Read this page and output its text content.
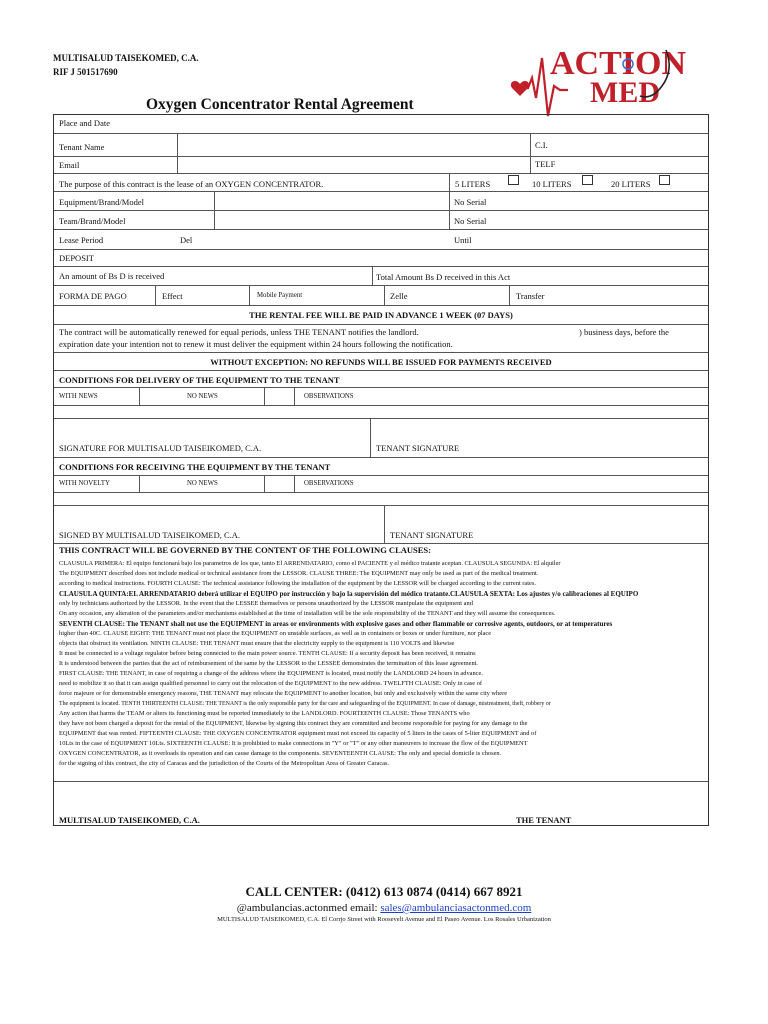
MULTISALUD TAISEKOMED, C.A.
RIF J 501517690
Oxygen Concentrator Rental Agreement
ACTION
MED
Place and Date
Tenant Name	C.I.
Email	TELF
The purpose of this contract is the lease of an OXYGEN CONCENTRATOR.	5 LITERS	10 LITERS	20 LITERS
Equipment/Brand/Model	No Serial
Team/Brand/Model	No Serial
Lease Period	Del	Until
DEPOSIT
An amount of Bs D is received	Total Amount Bs D received in this Act
FORMA DE PAGO	Effect	Mobile Payment	Zelle	Transfer
THE RENTAL FEE WILL BE PAID IN ADVANCE 1 WEEK (07 DAYS)
The contract will be automatically renewed for equal periods, unless THE TENANT notifies the landlord.	) business days, before the
expiration date your intention not to renew it must deliver the equipment within 24 hours following the notification.
WITHOUT EXCEPTION: NO REFUNDS WILL BE ISSUED FOR PAYMENTS RECEIVED
CONDITIONS FOR DELIVERY OF THE EQUIPMENT TO THE TENANT
WITH NEWS	NO NEWS	OBSERVATIONS
SIGNATURE FOR MULTISALUD TAISEIKOMED, C.A.	TENANT SIGNATURE
CONDITIONS FOR RECEIVING THE EQUIPMENT BY THE TENANT
WITH NOVELTY	NO NEWS	OBSERVATIONS
SIGNED BY MULTISALUD TAISEIKOMED, C.A.	TENANT SIGNATURE
THIS CONTRACT WILL BE GOVERNED BY THE CONTENT OF THE FOLLOWING CLAUSES:
CLAUSULA PRIMERA: El equipo funcionará bajo los parametros de los que, tanto El ARRENDATARIO, como el PACIENTE y el médico tratante aceptan. CLAUSULA SEGUNDA: El alquiler
The EQUIPMENT described does not include medical or technical assistance from the LESSOR. CLAUSE THREE: The EQUIPMENT may only be used as part of the medical treatment.
according to medical instructions. FOURTH CLAUSE: The technical assistance following the installation of the equipment by the LESSOR will be charged according to the current rates.
CLAUSULA QUINTA:EL ARRENDATARIO deberá utilizar el EQUIPO por instrucción y bajo la supervisión del médico tratante.CLAUSULA SEXTA: Los ajustes y/o calibraciones al EQUIPO
only by technicians authorized by the LESSOR. In the event that the LESSEE themselves or persons unauthorized by the LESSOR manipulate the equipment and
On any occasion, any alteration of the parameters and/or mechanisms established at the time of installation will be the sole responsibility of the TENANT and they will assume the consequences.
SEVENTH CLAUSE: The TENANT shall not use the EQUIPMENT in areas or environments with explosive gases and other flammable or corrosive agents, outdoors, or at temperatures
higher than 40C. CLAUSE EIGHT: THE TENANT must not place the EQUIPMENT on unstable surfaces, as well as in containers or boxes or under furniture, nor place
objects that obstruct its ventilation. NINTH CLAUSE: THE TENANT must ensure that the electricity supply to the equipment is 110 VOLTS and likewise
It must be connected to a voltage regulator before being connected to the main power source. TENTH CLAUSE: If a security deposit has been received, it remains
It is understood between the parties that the act of reimbursement of the same by the LESSOR to the LESSEE demonstrates the termination of this lease agreement.
FIRST CLAUSE: THE TENANT, in case of requiring a change of the address where the EQUIPMENT is located, must notify the LANDLORD 24 hours in advance.
need to mobilize it so that it can assign qualified personnel to carry out the relocation of the EQUIPMENT to the new address. TWELFTH CLAUSE: Only in case of
force majeure or for demonstrable emergency reasons, THE TENANT may relocate the EQUIPMENT to another location, but only and exclusively within the same city where
The equipment is located. TENTH THIRTEENTH CLAUSE: THE TENANT is the only responsible party for the care and safeguarding of the EQUIPMENT. In case of damage, mistreatment, theft, robbery or
Any action that harms the TEAM or alters its functioning must be reported immediately to the LANDLORD. FOURTEENTH CLAUSE: Those TENANTS who
they have not been charged a deposit for the rental of the EQUIPMENT, likewise by signing this contract they are committed and become responsible for paying for any damage to the
EQUIPMENT that was rented. FIFTEENTH CLAUSE: THE OXYGEN CONCENTRATOR equipment must not exceed its capacity of 5 liters in the cases of 5-liter EQUIPMENT and of
10Lts in the case of EQUIPMENT 10Lts. SIXTEENTH CLAUSE: It is prohibited to make connections in "Y" or "T" or any other maneuvers to increase the flow of the EQUIPMENT
OXYGEN CONCENTRATOR, as it overloads its operation and can cause damage to the components. SEVENTEENTH CLAUSE: The only and special domicile is chosen.
for the signing of this contract, the city of Caracas and the jurisdiction of the Courts of the Metropolitan Area of Greater Caracas.
MULTISALUD TAISEIKOMED, C.A.	THE TENANT
CALL CENTER: (0412) 613 0874 (0414) 667 8921
@ambulancias.actonmed email: sales@ambulanciasactonmed.com
MULTISALUD TAISEIKOMED, C.A. El Corrjo Street with Roosevelt Avenue and El Paseo Avenue. Los Rosales Urbanization
